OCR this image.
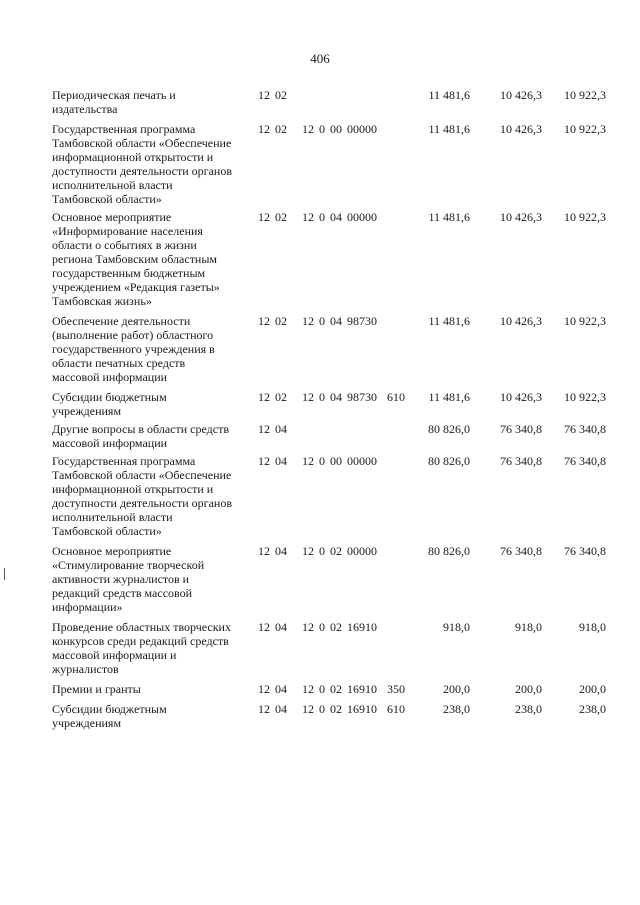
406
Периодическая печать и
издательства
12 02	11 481,6	10 426,3	10 922,3
Государственная программа
Тамбовской области «Обеспечение
информационной открытости и
доступности деятельности органов
исполнительной власти
Тамбовской области»
12 02   12 0 00 00000	11 481,6	10 426,3	10 922,3
Основное мероприятие
«Информирование населения
области о событиях в жизни
региона Тамбовским областным
государственным бюджетным
учреждением «Редакция газеты»
Тамбовская жизнь»
12 02   12 0 04 00000	11 481,6	10 426,3	10 922,3
Обеспечение деятельности
(выполнение работ) областного
государственного учреждения в
области печатных средств
массовой информации
12 02   12 0 04 98730	11 481,6	10 426,3	10 922,3
Субсидии бюджетным
учреждениям
12 02   12 0 04 98730  610	11 481,6	10 426,3	10 922,3
Другие вопросы в области средств
массовой информации
12 04	80 826,0	76 340,8	76 340,8
Государственная программа
Тамбовской области «Обеспечение
информационной открытости и
доступности деятельности органов
исполнительной власти
Тамбовской области»
12 04   12 0 00 00000	80 826,0	76 340,8	76 340,8
Основное мероприятие
«Стимулирование творческой
активности журналистов и
редакций средств массовой
информации»
12 04   12 0 02 00000	80 826,0	76 340,8	76 340,8
Проведение областных творческих
конкурсов среди редакций средств
массовой информации и
журналистов
12 04   12 0 02 16910	918,0	918,0	918,0
Премии и гранты	12 04   12 0 02 16910  350	200,0	200,0	200,0
Субсидии бюджетным
учреждениям
12 04   12 0 02 16910  610	238,0	238,0	238,0
